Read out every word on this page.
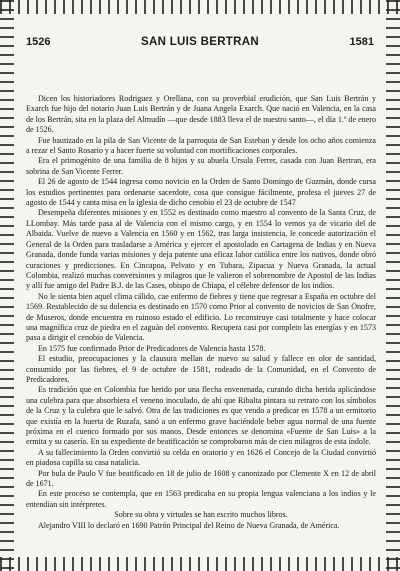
1526	SAN LUIS BERTRAN	1581

Dicen los historiadores Rodriguez y Orellana, con su proverbial erudición, que San Luis Bertrán y Exarch fue hijo del notario Juan Luis Bertrán y de Juana Angela Exarch. Que nació en Valencia, en la casa de los Bertrán, sita en la plaza del Almudín —que desde 1883 lleva el de nuestro santo—, el día 1.º de enero de 1526.

Fue bautizado en la pila de San Vicente de la parroquia de San Esteban y desde los ocho años comienza a rezar el Santo Rosario y a hacer fuerte su voluntad con mortificaciones corporales.

Era el primogénito de una familia de 8 hijos y su abuela Ursula Ferrer, casada con Juan Bertran, era sobrina de San Vicente Ferrer.

El 26 de agosto de 1544 ingresa como novicio en la Orden de Santo Domingo de Guzmán, donde cursa los estudios pertinentes para ordenarse sacerdote, cosa que consigue fácilmente, profesa el jueves 27 de agosto de 1544 y canta misa en la iglesia de dicho cenobio el 23 de octubre de 1547

Desempeña diferentes misiones y en 1552 es destinado como maestro al convento de la Santa Cruz, de LLombay. Más tarde pasa al de Valencia con el mismo cargo, y en 1554 lo vemos ya de vicario del de Albaida. Vuelve de nuevo a Valencia en 1560 y en 1562, tras larga insistencia, le concede autorización el General de la Orden para trasladarse a América y ejercer el apostolado en Cartagena de Indias y en Nueva Granada, donde funda varias misiones y deja patente una eficaz labor católica entre los nativos, donde obró curaciones y predicciones. En Cincapoa, Pelvato y en Tubara, Zipacua y Nueva Granada, la actual Colombia, realizó muchas conversiones y milagros que le valieron el sobrenombre de Apostol de las Indias y allí fue amigo del Padre B.J. de las Cases, obispo de Chiapa, el célebre defensor de los indios.

No le sienta bien aquel clima cálido, cae enfermo de fiebres y tiene que regresar a España en octubre del 1569. Restablecido de su dolencia es destinado en 1570 como Prior al convento de novicios de San Onofre, de Museros, donde encuentra en ruinoso estado el edificio. Lo reconstruye casi totalmente y hace colocar una magnífica cruz de piedra en el zaguán del convento. Recupera casi por completo las energías y en 1573 pasa a dirigir el cenobio de Valencia.

En 1575 fue confirmado Prior de Predicadores de Valencia hasta 1578.

El estudio, preocupaciones y la clausura mellan de nuevo su salud y fallece en olor de santidad, consumido por las fiebres, el 9 de octubre de 1581, rodeado de la Comunidad, en el Convento de Predicadores.

Es tradición que en Colombia fue herido por una flecha envenenada, curando dicha herida aplicándose una culebra para que absorbiera el veneno inoculado, de ahí que Ribalta pintara su retrato con los símbolos de la Cruz y la culebra que le salvó. Otra de las tradiciones es que vendo a predicar en 1578 a un ermitorio que existía en la huerta de Ruzafa, sanó a un enfermo grave haciéndole beber agua normal de una fuente próxima en el cuenco formado por sus manos. Desde entonces se denomina «Fuente de San Luis» a la ermita y su caserío. En su expediente de beatificación se comprobaron más de cien milagros de esta índole.

A su fallecimiento la Orden convirtió su celda en oratorio y en 1626 el Concejo de la Ciudad convirtió en piadosa capilla su casa natalicia.

Por bula de Paulo V fue beatificado en 18 de julio de 1608 y canonizado por Clemente X en 12 de abril de 1671.

En este proceso se contempla, que en 1563 predicaba en su propia lengua valenciana a los indios y le entendían sin intérpretes.

Sobre su obra y virtudes se han escrito muchos libros.

Alejandro VIII lo declaró en 1690 Patrón Principal del Reino de Nueva Granada, de América.
